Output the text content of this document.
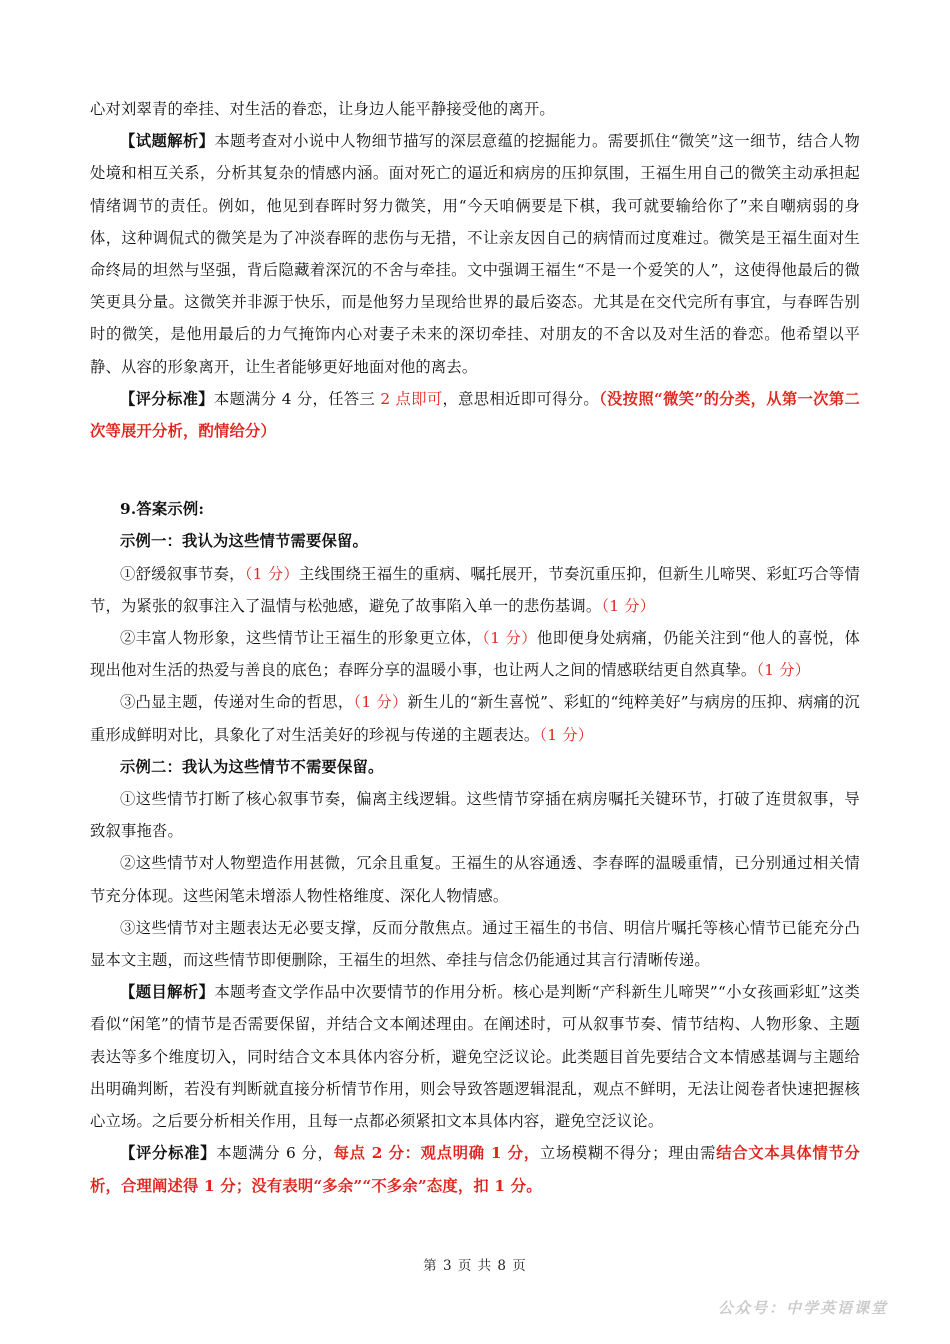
心对刘翠青的牵挂、对生活的眷恋，让身边人能平静接受他的离开。

【试题解析】本题考查对小说中人物细节描写的深层意蕴的挖掘能力。需要抓住“微笑”这一细节，结合人物处境和相互关系，分析其复杂的情感内涵。面对死亡的逼近和病房的压抑氛围，王福生用自己的微笑主动承担起情绪调节的责任。例如，他见到春晖时努力微笑，用“今天咱俩要是下棋，我可就要输给你了”来自嘲病弱的身体，这种调侃式的微笑是为了冲淡春晖的悲伤与无措，不让亲友因自己的病情而过度难过。微笑是王福生面对生命终局的坦然与坚强，背后隐藏着深沉的不舍与牵挂。文中强调王福生“不是一个爱笑的人”，这使得他最后的微笑更具分量。这微笑并非源于快乐，而是他努力呈现给世界的最后姿态。尤其是在交代完所有事宜，与春晖告别时的微笑，是他用最后的力气掩饰内心对妻子未来的深切牵挂、对朋友的不舍以及对生活的眷恋。他希望以平静、从容的形象离开，让生者能够更好地面对他的离去。

【评分标准】本题满分 4 分，任答三 2 点即可，意思相近即可得分。（没按照“微笑”的分类，从第一次第二次等展开分析，酌情给分）

9.答案示例:

示例一：我认为这些情节需要保留。

①舒缓叙事节奏，（1 分）主线围绕王福生的重病、嘱托展开，节奏沉重压抑，但新生儿啼哭、彩虹巧合等情节，为紧张的叙事注入了温情与松弛感，避免了故事陷入单一的悲伤基调。（1 分）

②丰富人物形象，这些情节让王福生的形象更立体，（1 分）他即便身处病痛，仍能关注到“他人的喜悦，体现出他对生活的热爱与善良的底色；春晖分享的温暖小事，也让两人之间的情感联结更自然真挚。（1 分）

③凸显主题，传递对生命的哲思，（1 分）新生儿的“新生喜悦”、彩虹的“纯粹美好”与病房的压抑、病痛的沉重形成鲜明对比，具象化了对生活美好的珍视与传递的主题表达。（1 分）

示例二：我认为这些情节不需要保留。

①这些情节打断了核心叙事节奏，偏离主线逻辑。这些情节穿插在病房嘱托关键环节，打破了连贯叙事，导致叙事拖沓。

②这些情节对人物塑造作用甚微，冗余且重复。王福生的从容通透、李春晖的温暖重情，已分别通过相关情节充分体现。这些闲笔未增添人物性格维度、深化人物情感。

③这些情节对主题表达无必要支撑，反而分散焦点。通过王福生的书信、明信片嘱托等核心情节已能充分凸显本文主题，而这些情节即便删除，王福生的坦然、牵挂与信念仍能通过其言行清晰传递。

【题目解析】本题考查文学作品中次要情节的作用分析。核心是判断“产科新生儿啼哭”“小女孩画彩虹”这类看似“闲笔”的情节是否需要保留，并结合文本阐述理由。在阐述时，可从叙事节奏、情节结构、人物形象、主题表达等多个维度切入，同时结合文本具体内容分析，避免空泛议论。此类题目首先要结合文本情感基调与主题给出明确判断，若没有判断就直接分析情节作用，则会导致答题逻辑混乱，观点不鲜明，无法让阅卷者快速把握核心立场。之后要分析相关作用，且每一点都必须紧扣文本具体内容，避免空泛议论。

【评分标准】本题满分 6 分，每点 2 分：观点明确 1 分，立场模糊不得分；理由需结合文本具体情节分析，合理阐述得 1 分；没有表明“多余”“不多余”态度，扣 1 分。

第 3 页 共 8 页
公众号：中学英语课堂
